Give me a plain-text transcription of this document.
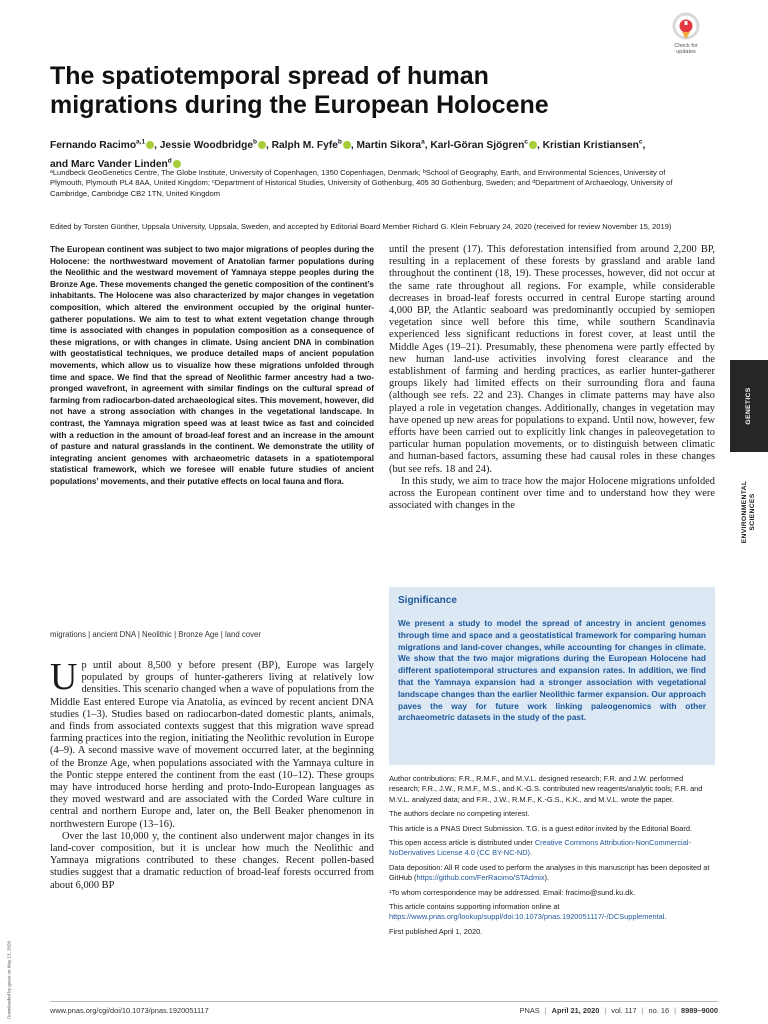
Check for updates
The spatiotemporal spread of human migrations during the European Holocene
Fernando Racimo$^{a,1}$ , Jessie Woodbridge$^b$ , Ralph M. Fyfe$^b$ , Martin Sikora$^a$, Karl-Göran Sjögren$^c$ , Kristian Kristiansen$^c$, and Marc Vander Linden$^d$
ᵃLundbeck GeoGenetics Centre, The Globe Institute, University of Copenhagen, 1350 Copenhagen, Denmark; ᵇSchool of Geography, Earth, and Environmental Sciences, University of Plymouth, Plymouth PL4 8AA, United Kingdom; ᶜDepartment of Historical Studies, University of Gothenburg, 405 30 Gothenburg, Sweden; and ᵈDepartment of Archaeology, University of Cambridge, Cambridge CB2 1TN, United Kingdom
Edited by Torsten Günther, Uppsala University, Uppsala, Sweden, and accepted by Editorial Board Member Richard G. Klein February 24, 2020 (received for review November 15, 2019)
The European continent was subject to two major migrations of peoples during the Holocene: the northwestward movement of Anatolian farmer populations during the Neolithic and the westward movement of Yamnaya steppe peoples during the Bronze Age. These movements changed the genetic composition of the continent’s inhabitants. The Holocene was also characterized by major changes in vegetation composition, which altered the environment occupied by the original hunter-gatherer populations. We aim to test to what extent vegetation change through time is associated with changes in population composition as a consequence of these migrations, or with changes in climate. Using ancient DNA in combination with geostatistical techniques, we produce detailed maps of ancient population movements, which allow us to visualize how these migrations unfolded through time and space. We find that the spread of Neolithic farmer ancestry had a two-pronged wavefront, in agreement with similar findings on the cultural spread of farming from radiocarbon-dated archaeological sites. This movement, however, did not have a strong association with changes in the vegetational landscape. In contrast, the Yamnaya migration speed was at least twice as fast and coincided with a reduction in the amount of broad-leaf forest and an increase in the amount of pasture and natural grasslands in the continent. We demonstrate the utility of integrating ancient genomes with archaeometric datasets in a spatiotemporal statistical framework, which we foresee will enable future studies of ancient populations’ movements, and their putative effects on local fauna and flora.
migrations | ancient DNA | Neolithic | Bronze Age | land cover

Up until about 8,500 y before present (BP), Europe was largely populated by groups of hunter-gatherers living at relatively low densities. This scenario changed when a wave of populations from the Middle East entered Europe via Anatolia, as evinced by recent ancient DNA studies (1–3). Studies based on radiocarbon-dated domestic plants, animals, and finds from associated contexts suggest that this migration wave spread farming practices into the region, initiating the Neolithic revolution in Europe (4–9). A second massive wave of movement occurred later, at the beginning of the Bronze Age, when populations associated with the Yamnaya culture in the Pontic steppe entered the continent from the east (10–12). These groups may have introduced horse herding and proto-Indo-European languages as they moved westward and are associated with the Corded Ware culture in central and northern Europe and, later on, the Bell Beaker phenomenon in northwestern Europe (13–16).

Over the last 10,000 y, the continent also underwent major changes in its land-cover composition, but it is unclear how much the Neolithic and Yamnaya migrations contributed to these changes. Recent pollen-based studies suggest that a dramatic reduction of broad-leaf forests occurred from about 6,000 BP

until the present (17). This deforestation intensified from around 2,200 BP, resulting in a replacement of these forests by grassland and arable land throughout the continent (18, 19). These processes, however, did not occur at the same rate throughout all regions. For example, while considerable decreases in broad-leaf forests occurred in central Europe starting around 4,000 BP, the Atlantic seaboard was predominantly occupied by semiopen vegetation since well before this time, while southern Scandinavia experienced less significant reductions in forest cover, at least until the Middle Ages (19–21). Presumably, these phenomena were partly effected by new human land-use activities involving forest clearance and the establishment of farming and herding practices, as earlier hunter-gatherer groups likely had limited effects on their surrounding flora and fauna (although see refs. 22 and 23). Changes in climate patterns may have also played a role in vegetation changes. Additionally, changes in vegetation may have opened up new areas for populations to expand. Until now, however, few efforts have been carried out to explicitly link changes in paleovegetation to particular human population movements, or to distinguish between climatic and human-based factors, assuming these had causal roles in these changes (but see refs. 18 and 24).

In this study, we aim to trace how the major Holocene migrations unfolded across the European continent over time and to understand how they were associated with changes in the

Significance
We present a study to model the spread of ancestry in ancient genomes through time and space and a geostatistical framework for comparing human migrations and land-cover changes, while accounting for changes in climate. We show that the two major migrations during the European Holocene had different spatiotemporal structures and expansion rates. In addition, we find that the Yamnaya expansion had a stronger association with vegetational landscape changes than the earlier Neolithic farmer expansion. Our approach paves the way for future work linking paleogenomics with other archaeometric datasets in the study of the past.

Author contributions: F.R., R.M.F., and M.V.L. designed research; F.R. and J.W. performed research; F.R., J.W., R.M.F., M.S., and K.-G.S. contributed new reagents/analytic tools; F.R. and M.V.L. analyzed data; and F.R., J.W., R.M.F., K.-G.S., K.K., and M.V.L. wrote the paper.

The authors declare no competing interest.

This article is a PNAS Direct Submission. T.G. is a guest editor invited by the Editorial Board.

This open access article is distributed under Creative Commons Attribution-NonCommercial-NoDerivatives License 4.0 (CC BY-NC-ND).

Data deposition: All R code used to perform the analyses in this manuscript has been deposited at GitHub (https://github.com/FerRacimo/STAdmix).

¹To whom correspondence may be addressed. Email: fracimo@sund.ku.dk.

This article contains supporting information online at https://www.pnas.org/lookup/suppl/doi:10.1073/pnas.1920051117/-/DCSupplemental.

First published April 1, 2020.

GENETICS
ENVIRONMENTAL
SCIENCES
Downloaded by guest on May 13, 2020	www.pnas.org/cgi/doi/10.1073/pnas.1920051117	PNAS | April 21, 2020 | vol. 117 | no. 16 | 8989–9000
